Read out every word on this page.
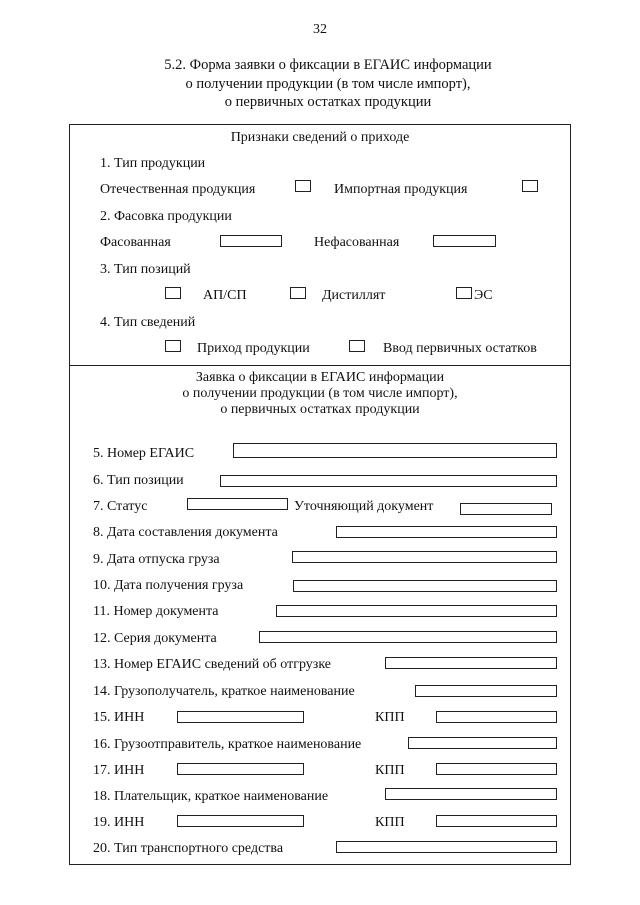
32
5.2. Форма заявки о фиксации в ЕГАИС информации
о получении продукции (в том числе импорт),
о первичных остатках продукции
Признаки сведений о приходе
1. Тип продукции
Отечественная продукция	Импортная продукция
2. Фасовка продукции
Фасованная	Нефасованная
3. Тип позиций
АП/СП	Дистиллят	ЭС
4. Тип сведений
Приход продукции	Ввод первичных остатков
Заявка о фиксации в ЕГАИС информации
о получении продукции (в том числе импорт),
о первичных остатках продукции
5. Номер ЕГАИС
6. Тип позиции
7. Статус	Уточняющий документ
8. Дата составления документа
9. Дата отпуска груза
10. Дата получения груза
11. Номер документа
12. Серия документа
13. Номер ЕГАИС сведений об отгрузке
14. Грузополучатель, краткое наименование
15. ИНН	КПП
16. Грузоотправитель, краткое наименование
17. ИНН	КПП
18. Плательщик, краткое наименование
19. ИНН	КПП
20. Тип транспортного средства
